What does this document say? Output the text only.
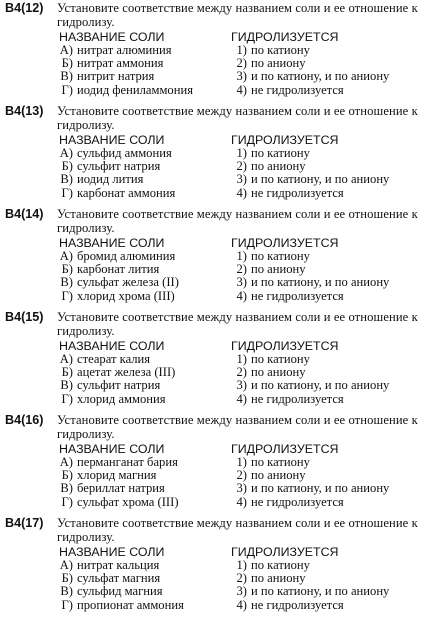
B4(12)	Установите соответствие между названием соли и ее отношение к гидролизу.
НАЗВАНИЕ СОЛИ	ГИДРОЛИЗУЕТСЯ
А) нитрат алюминия	1) по катиону
Б) нитрат аммония	2) по аниону
В) нитрит натрия	3) и по катиону, и по аниону
Г) иодид фениламмония	4) не гидролизуется
B4(13)	Установите соответствие между названием соли и ее отношение к гидролизу.
НАЗВАНИЕ СОЛИ	ГИДРОЛИЗУЕТСЯ
А) сульфид аммония	1) по катиону
Б) сульфит натрия	2) по аниону
В) иодид лития	3) и по катиону, и по аниону
Г) карбонат аммония	4) не гидролизуется
B4(14)	Установите соответствие между названием соли и ее отношение к гидролизу.
НАЗВАНИЕ СОЛИ	ГИДРОЛИЗУЕТСЯ
А) бромид алюминия	1) по катиону
Б) карбонат лития	2) по аниону
В) сульфат железа (II)	3) и по катиону, и по аниону
Г) хлорид хрома (III)	4) не гидролизуется
B4(15)	Установите соответствие между названием соли и ее отношение к гидролизу.
НАЗВАНИЕ СОЛИ	ГИДРОЛИЗУЕТСЯ
А) стеарат калия	1) по катиону
Б) ацетат железа (III)	2) по аниону
В) сульфит натрия	3) и по катиону, и по аниону
Г) хлорид аммония	4) не гидролизуется
B4(16)	Установите соответствие между названием соли и ее отношение к гидролизу.
НАЗВАНИЕ СОЛИ	ГИДРОЛИЗУЕТСЯ
А) перманганат бария	1) по катиону
Б) хлорид магния	2) по аниону
В) бериллат натрия	3) и по катиону, и по аниону
Г) сульфат хрома (III)	4) не гидролизуется
B4(17)	Установите соответствие между названием соли и ее отношение к гидролизу.
НАЗВАНИЕ СОЛИ	ГИДРОЛИЗУЕТСЯ
А) нитрат кальция	1) по катиону
Б) сульфат магния	2) по аниону
В) сульфид магния	3) и по катиону, и по аниону
Г) пропионат аммония	4) не гидролизуется
